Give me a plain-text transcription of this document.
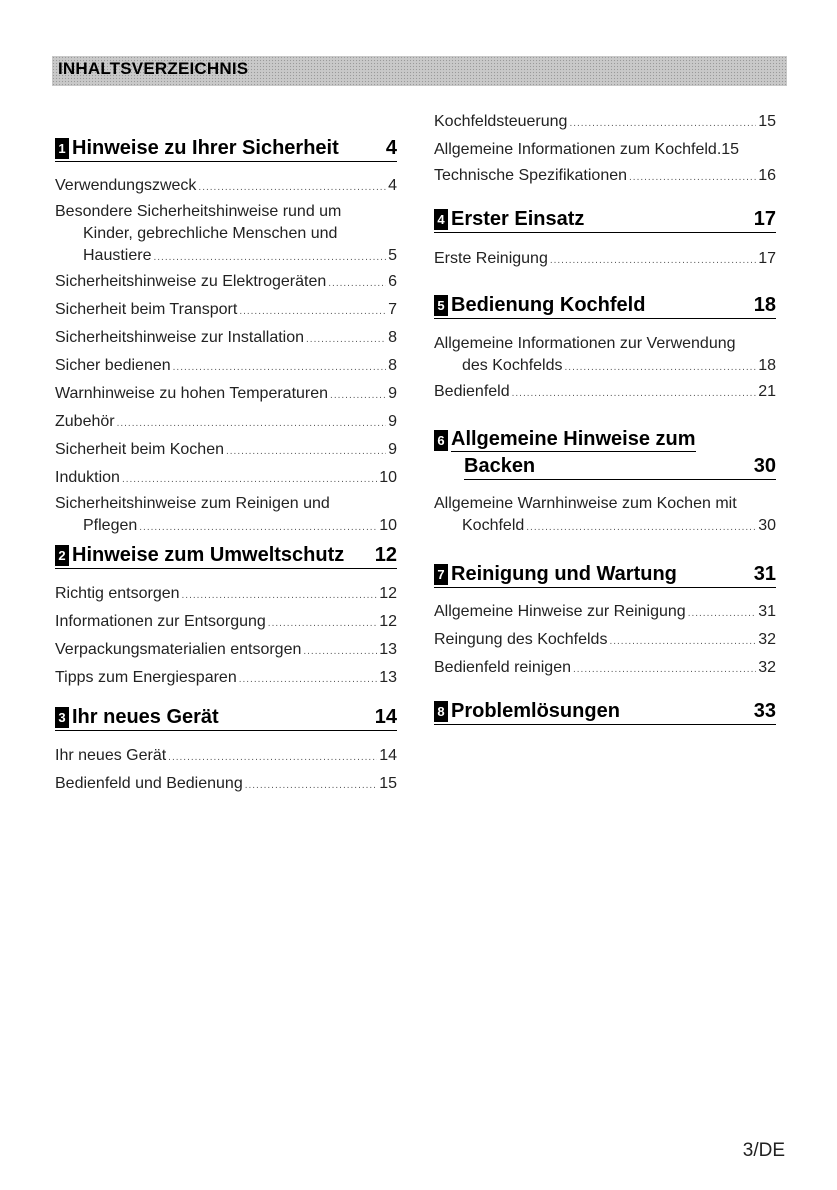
INHALTSVERZEICHNIS
1 Hinweise zu Ihrer Sicherheit	4
Verwendungszweck .....	4
Besondere Sicherheitshinweise rund um
Kinder, gebrechliche Menschen und
Haustiere .....	5
Sicherheitshinweise zu Elektrogeräten .....	6
Sicherheit beim Transport .....	7
Sicherheitshinweise zur Installation .....	8
Sicher bedienen .....	8
Warnhinweise zu hohen Temperaturen .....	9
Zubehör .....	9
Sicherheit beim Kochen .....	9
Induktion .....	10
Sicherheitshinweise zum Reinigen und
Pflegen .....	10
2 Hinweise zum Umweltschutz	12
Richtig entsorgen .....	12
Informationen zur Entsorgung .....	12
Verpackungsmaterialien entsorgen .....	13
Tipps zum Energiesparen .....	13
3 Ihr neues Gerät	14
Ihr neues Gerät .....	14
Bedienfeld und Bedienung .....	15
Kochfeldsteuerung .....	15
Allgemeine Informationen zum Kochfeld. 15
Technische Spezifikationen .....	16
4 Erster Einsatz	17
Erste Reinigung .....	17
5 Bedienung Kochfeld	18
Allgemeine Informationen zur Verwendung
des Kochfelds .....	18
Bedienfeld .....	21
6 Allgemeine Hinweise zum
Backen	30
Allgemeine Warnhinweise zum Kochen mit
Kochfeld .....	30
7 Reinigung und Wartung	31
Allgemeine Hinweise zur Reinigung .....	31
Reingung des Kochfelds .....	32
Bedienfeld reinigen .....	32
8 Problemlösungen	33
3/DE
